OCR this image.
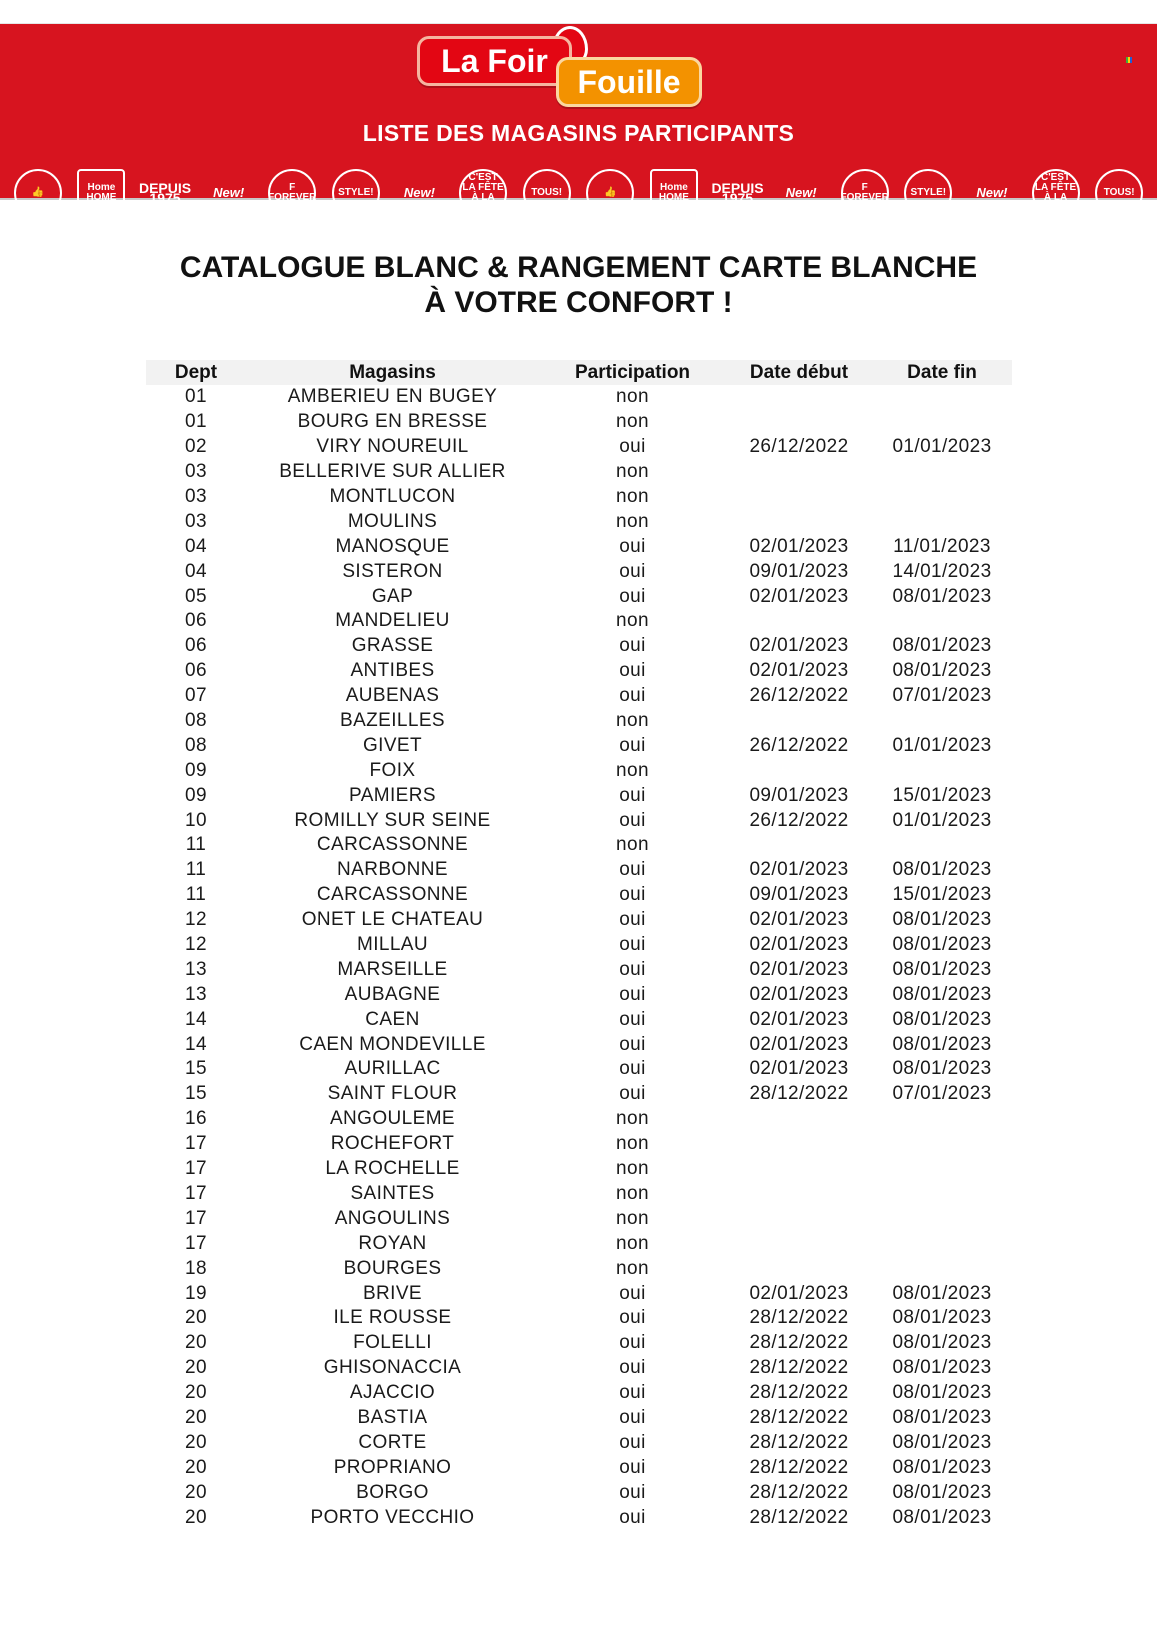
La Foir
Fouille
LISTE DES MAGASINS PARTICIPANTS
👍	Home HOME
DEPUIS 1975	New!	F FOREVER	STYLE!	New!
C'EST LA FÊTE À LA MAISON
TOUS!	👍	Home HOME
DEPUIS 1975	New!	F FOREVER	STYLE!	New!
C'EST LA FÊTE À LA MAISON
TOUS!
CATALOGUE BLANC & RANGEMENT CARTE BLANCHE
À VOTRE CONFORT !
Dept	Magasins	Participation	Date début	Date fin
01	AMBERIEU EN BUGEY	non		
01	BOURG EN BRESSE	non		
02	VIRY NOUREUIL	oui	26/12/2022	01/01/2023
03	BELLERIVE SUR ALLIER	non		
03	MONTLUCON	non		
03	MOULINS	non		
04	MANOSQUE	oui	02/01/2023	11/01/2023
04	SISTERON	oui	09/01/2023	14/01/2023
05	GAP	oui	02/01/2023	08/01/2023
06	MANDELIEU	non		
06	GRASSE	oui	02/01/2023	08/01/2023
06	ANTIBES	oui	02/01/2023	08/01/2023
07	AUBENAS	oui	26/12/2022	07/01/2023
08	BAZEILLES	non		
08	GIVET	oui	26/12/2022	01/01/2023
09	FOIX	non		
09	PAMIERS	oui	09/01/2023	15/01/2023
10	ROMILLY SUR SEINE	oui	26/12/2022	01/01/2023
11	CARCASSONNE	non		
11	NARBONNE	oui	02/01/2023	08/01/2023
11	CARCASSONNE	oui	09/01/2023	15/01/2023
12	ONET LE CHATEAU	oui	02/01/2023	08/01/2023
12	MILLAU	oui	02/01/2023	08/01/2023
13	MARSEILLE	oui	02/01/2023	08/01/2023
13	AUBAGNE	oui	02/01/2023	08/01/2023
14	CAEN	oui	02/01/2023	08/01/2023
14	CAEN MONDEVILLE	oui	02/01/2023	08/01/2023
15	AURILLAC	oui	02/01/2023	08/01/2023
15	SAINT FLOUR	oui	28/12/2022	07/01/2023
16	ANGOULEME	non		
17	ROCHEFORT	non		
17	LA ROCHELLE	non		
17	SAINTES	non		
17	ANGOULINS	non		
17	ROYAN	non		
18	BOURGES	non		
19	BRIVE	oui	02/01/2023	08/01/2023
20	ILE ROUSSE	oui	28/12/2022	08/01/2023
20	FOLELLI	oui	28/12/2022	08/01/2023
20	GHISONACCIA	oui	28/12/2022	08/01/2023
20	AJACCIO	oui	28/12/2022	08/01/2023
20	BASTIA	oui	28/12/2022	08/01/2023
20	CORTE	oui	28/12/2022	08/01/2023
20	PROPRIANO	oui	28/12/2022	08/01/2023
20	BORGO	oui	28/12/2022	08/01/2023
20	PORTO VECCHIO	oui	28/12/2022	08/01/2023
